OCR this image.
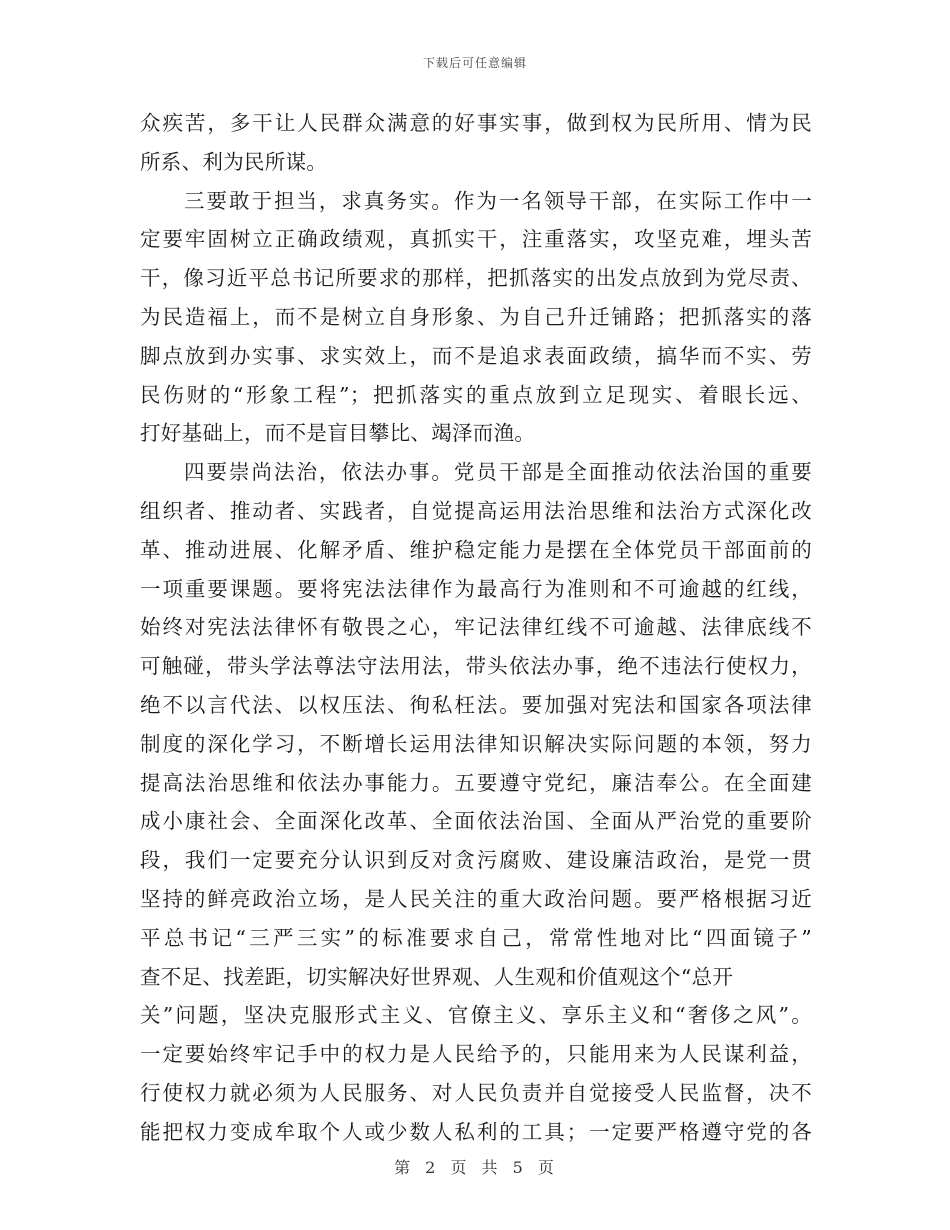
下载后可任意编辑
众疾苦，多干让人民群众满意的好事实事，做到权为民所用、情为民
所系、利为民所谋。
三要敢于担当，求真务实。作为一名领导干部，在实际工作中一
定要牢固树立正确政绩观，真抓实干，注重落实，攻坚克难，埋头苦
干，像习近平总书记所要求的那样，把抓落实的出发点放到为党尽责、
为民造福上，而不是树立自身形象、为自己升迁铺路；把抓落实的落
脚点放到办实事、求实效上，而不是追求表面政绩，搞华而不实、劳
民伤财的“形象工程”；把抓落实的重点放到立足现实、着眼长远、
打好基础上，而不是盲目攀比、竭泽而渔。
四要崇尚法治，依法办事。党员干部是全面推动依法治国的重要
组织者、推动者、实践者，自觉提高运用法治思维和法治方式深化改
革、推动进展、化解矛盾、维护稳定能力是摆在全体党员干部面前的
一项重要课题。要将宪法法律作为最高行为准则和不可逾越的红线，
始终对宪法法律怀有敬畏之心，牢记法律红线不可逾越、法律底线不
可触碰，带头学法尊法守法用法，带头依法办事，绝不违法行使权力，
绝不以言代法、以权压法、徇私枉法。要加强对宪法和国家各项法律
制度的深化学习，不断增长运用法律知识解决实际问题的本领，努力
提高法治思维和依法办事能力。五要遵守党纪，廉洁奉公。在全面建
成小康社会、全面深化改革、全面依法治国、全面从严治党的重要阶
段，我们一定要充分认识到反对贪污腐败、建设廉洁政治，是党一贯
坚持的鲜亮政治立场，是人民关注的重大政治问题。要严格根据习近
平总书记“三严三实”的标准要求自己，常常性地对比“四面镜子”
查不足、找差距，切实解决好世界观、人生观和价值观这个“总开
关”问题，坚决克服形式主义、官僚主义、享乐主义和“奢侈之风”。
一定要始终牢记手中的权力是人民给予的，只能用来为人民谋利益，
行使权力就必须为人民服务、对人民负责并自觉接受人民监督，决不
能把权力变成牟取个人或少数人私利的工具；一定要严格遵守党的各
第 2 页 共 5 页
